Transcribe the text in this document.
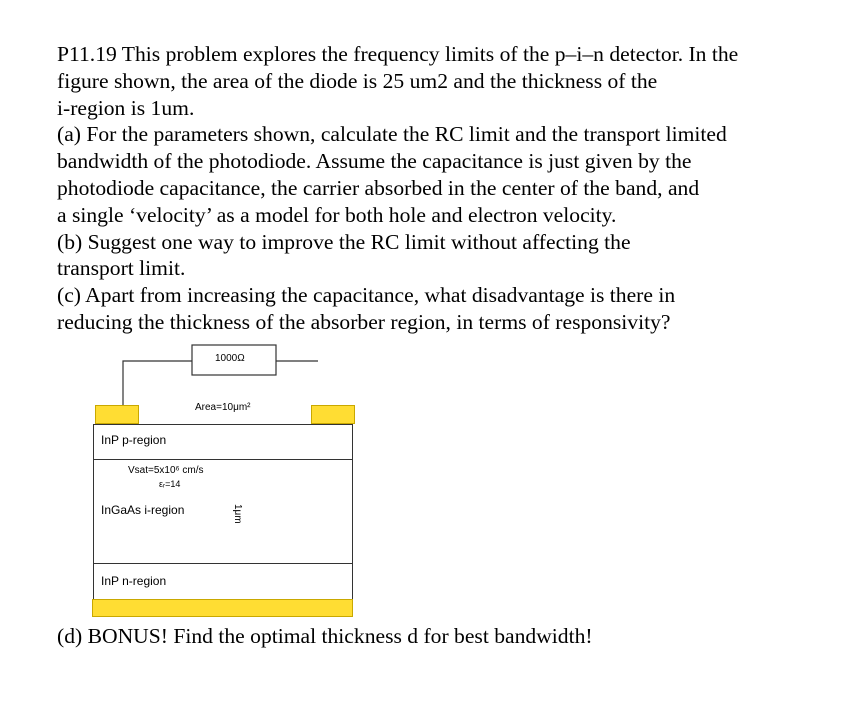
P11.19 This problem explores the frequency limits of the p–i–n detector. In the
figure shown, the area of the diode is 25 um2 and the thickness of the
i-region is 1um.
(a) For the parameters shown, calculate the RC limit and the transport limited
bandwidth of the photodiode. Assume the capacitance is just given by the
photodiode capacitance, the carrier absorbed in the center of the band, and
a single ‘velocity’ as a model for both hole and electron velocity.
(b) Suggest one way to improve the RC limit without affecting the
transport limit.
(c) Apart from increasing the capacitance, what disadvantage is there in
reducing the thickness of the absorber region, in terms of responsivity?
1000Ω
Area=10μm²
InP p-region
Vsat=5x10⁶ cm/s
εᵣ=14
InGaAs i-region	1μm
InP n-region
(d) BONUS! Find the optimal thickness d for best bandwidth!
